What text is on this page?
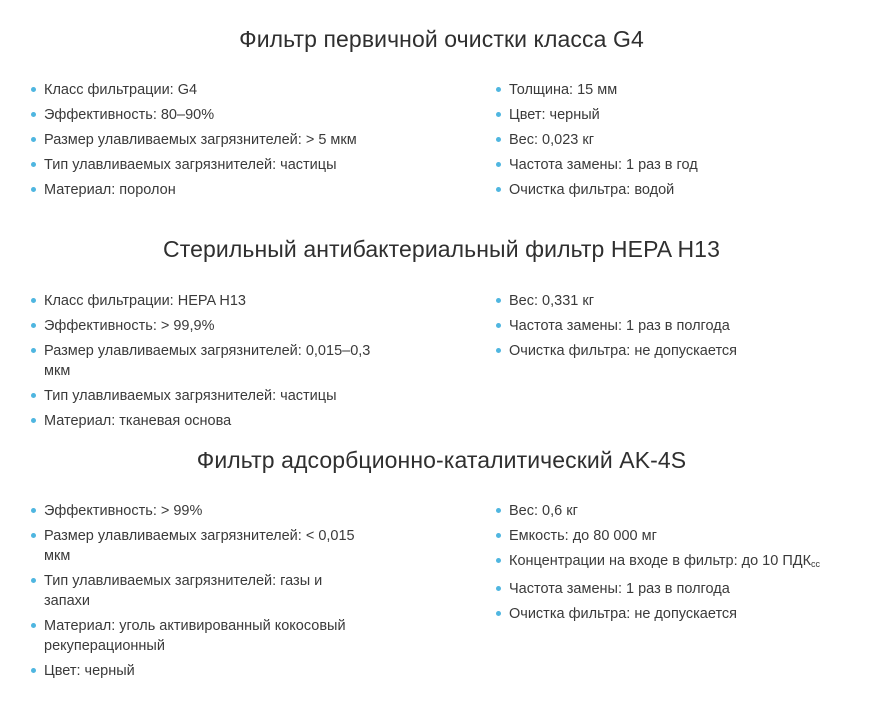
Фильтр первичной очистки класса G4
Класс фильтрации: G4
Эффективность: 80–90%
Размер улавливаемых загрязнителей: > 5 мкм
Тип улавливаемых загрязнителей: частицы
Материал: поролон
Толщина: 15 мм
Цвет: черный
Вес: 0,023 кг
Частота замены: 1 раз в год
Очистка фильтра: водой
Стерильный антибактериальный фильтр HEPA H13
Класс фильтрации: HEPA H13
Эффективность: > 99,9%
Размер улавливаемых загрязнителей: 0,015–0,3 мкм
Тип улавливаемых загрязнителей: частицы
Материал: тканевая основа
Вес: 0,331 кг
Частота замены: 1 раз в полгода
Очистка фильтра: не допускается
Фильтр адсорбционно-каталитический AK-4S
Эффективность: > 99%
Размер улавливаемых загрязнителей: < 0,015 мкм
Тип улавливаемых загрязнителей: газы и запахи
Материал: уголь активированный кокосовый рекуперационный
Цвет: черный
Вес: 0,6 кг
Емкость: до 80 000 мг
Концентрации на входе в фильтр: до 10 $ПДК_{сс}$
Частота замены: 1 раз в полгода
Очистка фильтра: не допускается
